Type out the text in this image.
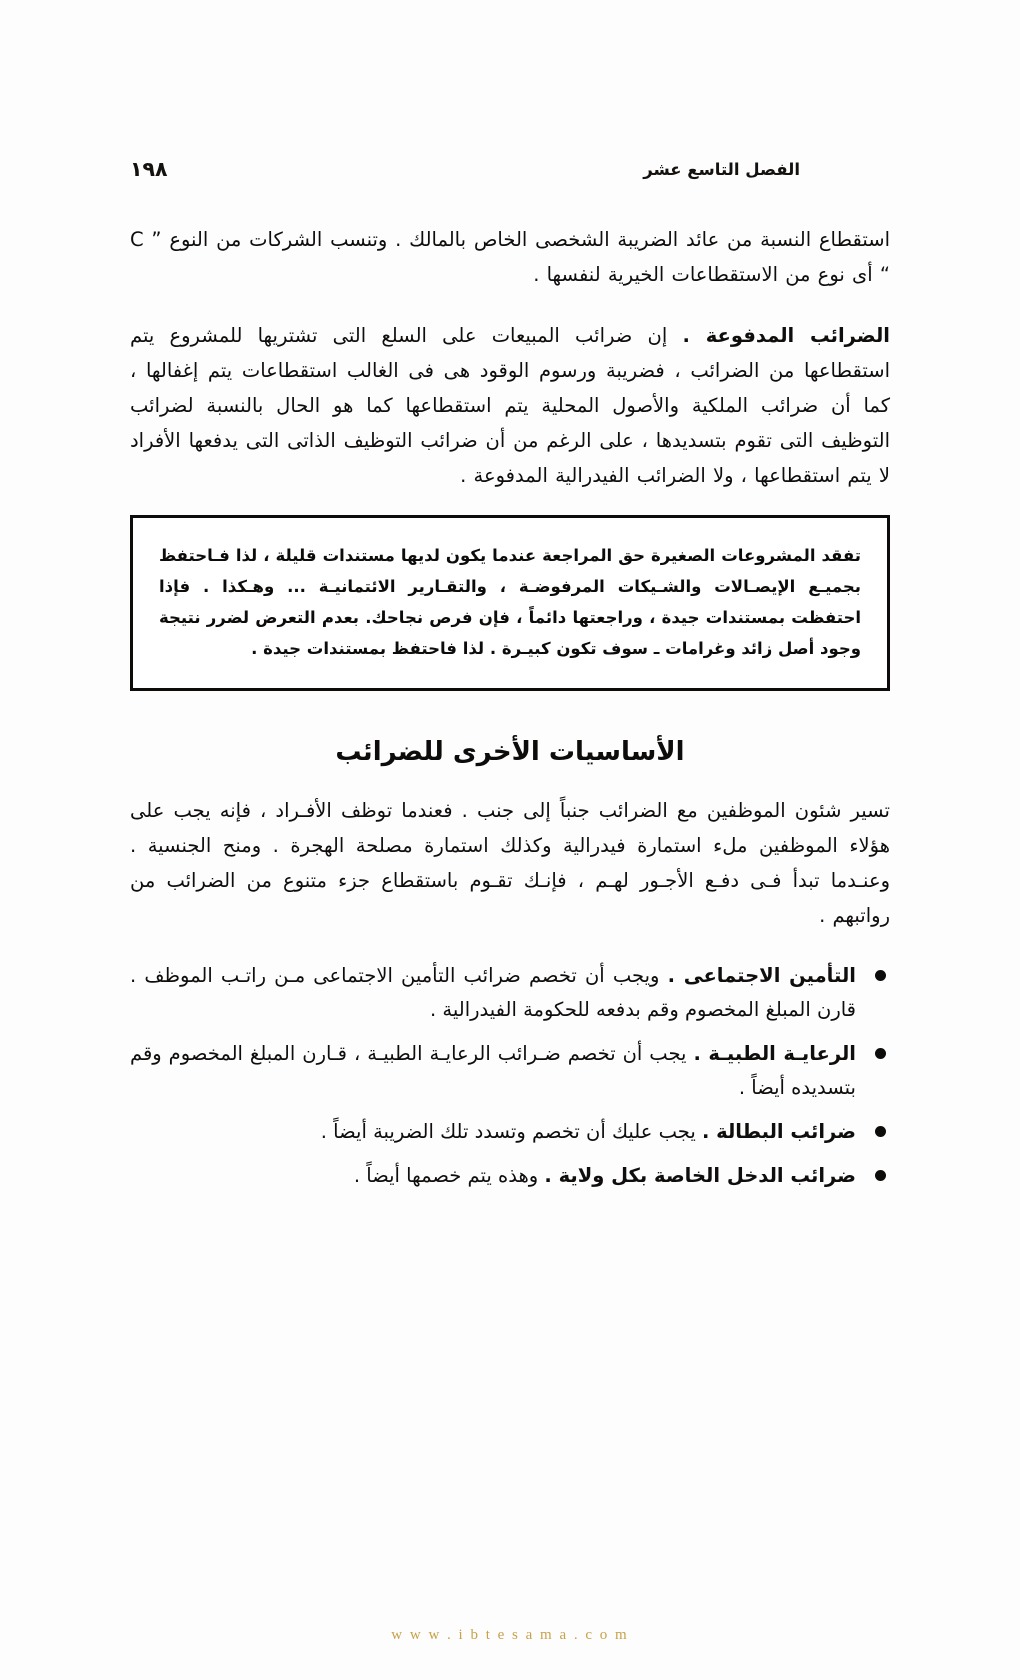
١٩٨	الفصل التاسع عشر

استقطاع النسبة من عائد الضريبة الشخصى الخاص بالمالك . وتنسب الشركات من النوع ” C “ أى نوع من الاستقطاعات الخيرية لنفسها .

الضرائب المدفوعة . إن ضرائب المبيعات على السلع التى تشتريها للمشروع يتم استقطاعها من الضرائب ، فضريبة ورسوم الوقود هى فى الغالب استقطاعات يتم إغفالها ، كما أن ضرائب الملكية والأصول المحلية يتم استقطاعها كما هو الحال بالنسبة لضرائب التوظيف التى تقوم بتسديدها ، على الرغم من أن ضرائب التوظيف الذاتى التى يدفعها الأفراد لا يتم استقطاعها ، ولا الضرائب الفيدرالية المدفوعة .

تفقد المشروعات الصغيرة حق المراجعة عندما يكون لديها مستندات قليلة ، لذا فـاحتفظ بجميـع الإيصـالات والشـيكات المرفوضـة ، والتقـارير الائتمانيـة ... وهـكذا . فإذا احتفظت بمستندات جيدة ، وراجعتها دائماً ، فإن فرص نجاحك. بعدم التعرض لضرر نتيجة وجود أصل زائد وغرامات ـ سوف تكون كبيـرة . لذا فاحتفظ بمستندات جيدة .

الأساسيات الأخرى للضرائب

تسير شئون الموظفين مع الضرائب جنباً إلى جنب . فعندما توظف الأفـراد ، فإنه يجب على هؤلاء الموظفين ملء استمارة فيدرالية وكذلك استمارة مصلحة الهجرة . ومنح الجنسية . وعنـدما تبدأ فـى دفـع الأجـور لهـم ، فإنـك تقـوم باستقطاع جزء متنوع من الضرائب من رواتبهم .

التأمين الاجتماعى . ويجب أن تخصم ضرائب التأمين الاجتماعى مـن راتـب الموظف . قارن المبلغ المخصوم وقم بدفعه للحكومة الفيدرالية .
الرعايـة الطبيـة . يجب أن تخصم ضـرائب الرعايـة الطبيـة ، قـارن المبلغ المخصوم وقم بتسديده أيضاً .
ضرائب البطالة . يجب عليك أن تخصم وتسدد تلك الضريبة أيضاً .
ضرائب الدخل الخاصة بكل ولاية . وهذه يتم خصمها أيضاً .
w w w . i b t e s a m a . c o m
